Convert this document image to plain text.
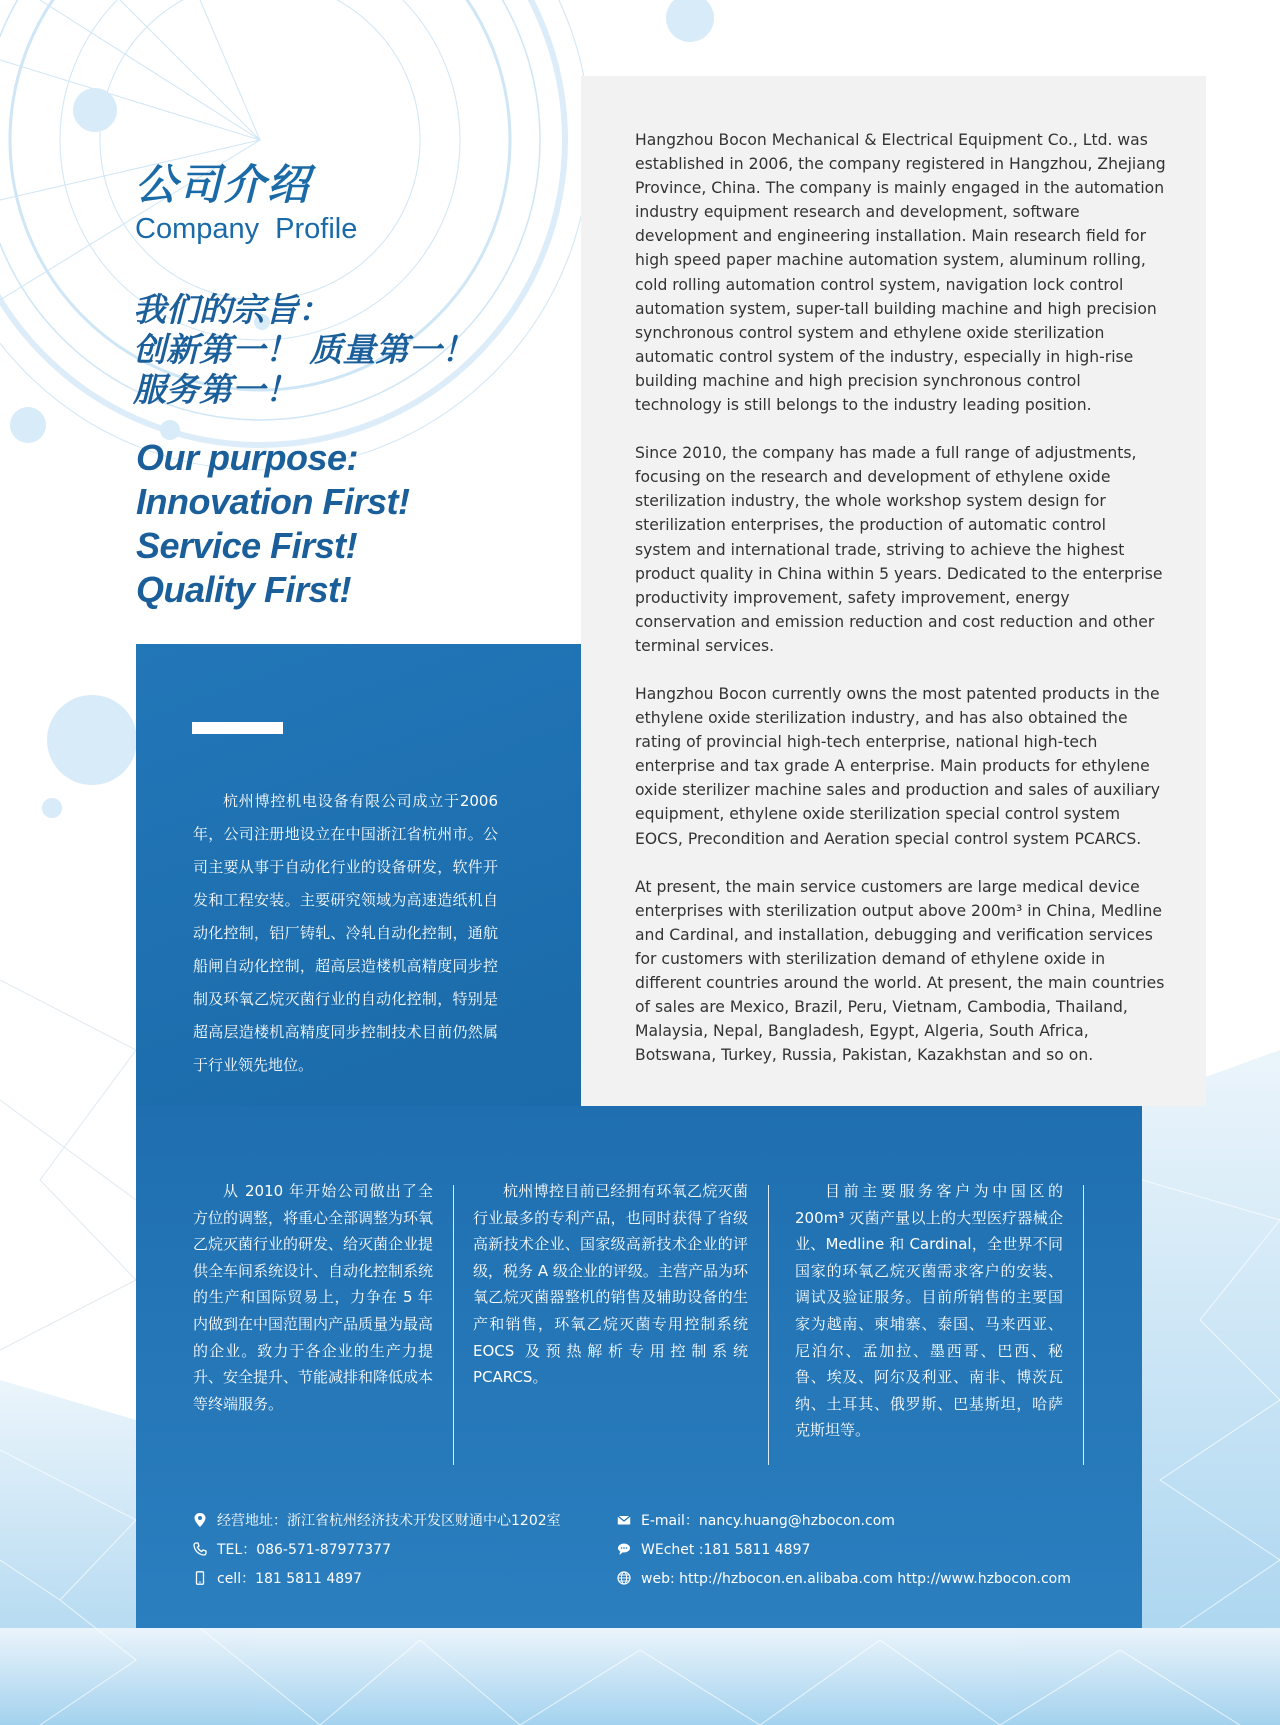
公司介绍
Company Profile
我们的宗旨：
创新第一！ 质量第一！
服务第一！
Our purpose:
Innovation First!
Service First!
Quality First!

Hangzhou Bocon Mechanical & Electrical Equipment Co., Ltd. was established in 2006, the company registered in Hangzhou, Zhejiang Province, China. The company is mainly engaged in the automation industry equipment research and development, software development and engineering installation. Main research field for high speed paper machine automation system, aluminum rolling, cold rolling automation control system, navigation lock control automation system, super-tall building machine and high precision synchronous control system and ethylene oxide sterilization automatic control system of the industry, especially in high-rise building machine and high precision synchronous control technology is still belongs to the industry leading position.

Since 2010, the company has made a full range of adjustments, focusing on the research and development of ethylene oxide sterilization industry, the whole workshop system design for sterilization enterprises, the production of automatic control system and international trade, striving to achieve the highest product quality in China within 5 years. Dedicated to the enterprise productivity improvement, safety improvement, energy conservation and emission reduction and cost reduction and other terminal services.

Hangzhou Bocon currently owns the most patented products in the ethylene oxide sterilization industry, and has also obtained the rating of provincial high-tech enterprise, national high-tech enterprise and tax grade A enterprise. Main products for ethylene oxide sterilizer machine sales and production and sales of auxiliary equipment, ethylene oxide sterilization special control system EOCS, Precondition and Aeration special control system PCARCS.

At present, the main service customers are large medical device enterprises with sterilization output above 200m³ in China, Medline and Cardinal, and installation, debugging and verification services for customers with sterilization demand of ethylene oxide in different countries around the world. At present, the main countries of sales are Mexico, Brazil, Peru, Vietnam, Cambodia, Thailand, Malaysia, Nepal, Bangladesh, Egypt, Algeria, South Africa, Botswana, Turkey, Russia, Pakistan, Kazakhstan and so on.

杭州博控机电设备有限公司成立于2006年，公司注册地设立在中国浙江省杭州市。公司主要从事于自动化行业的设备研发，软件开发和工程安装。主要研究领域为高速造纸机自动化控制，铝厂铸轧、冷轧自动化控制，通航船闸自动化控制，超高层造楼机高精度同步控制及环氧乙烷灭菌行业的自动化控制，特别是超高层造楼机高精度同步控制技术目前仍然属于行业领先地位。
从 2010 年开始公司做出了全方位的调整，将重心全部调整为环氧乙烷灭菌行业的研发、给灭菌企业提供全车间系统设计、自动化控制系统的生产和国际贸易上，力争在 5 年内做到在中国范围内产品质量为最高的企业。致力于各企业的生产力提升、安全提升、节能减排和降低成本等终端服务。
杭州博控目前已经拥有环氧乙烷灭菌行业最多的专利产品，也同时获得了省级高新技术企业、国家级高新技术企业的评级，税务 A 级企业的评级。主营产品为环氧乙烷灭菌器整机的销售及辅助设备的生产和销售，环氧乙烷灭菌专用控制系统 EOCS 及预热解析专用控制系统 PCARCS。
目前主要服务客户为中国区的200m³ 灭菌产量以上的大型医疗器械企业、Medline 和 Cardinal，全世界不同国家的环氧乙烷灭菌需求客户的安装、调试及验证服务。目前所销售的主要国家为越南、柬埔寨、泰国、马来西亚、尼泊尔、孟加拉、墨西哥、巴西、秘鲁、埃及、阿尔及利亚、南非、博茨瓦纳、土耳其、俄罗斯、巴基斯坦，哈萨克斯坦等。
经营地址：浙江省杭州经济技术开发区财通中心1202室
TEL：086-571-87977377
cell：181 5811 4897
E-mail：nancy.huang@hzbocon.com
WEchet :181 5811 4897
web: http://hzbocon.en.alibaba.com http://www.hzbocon.com
